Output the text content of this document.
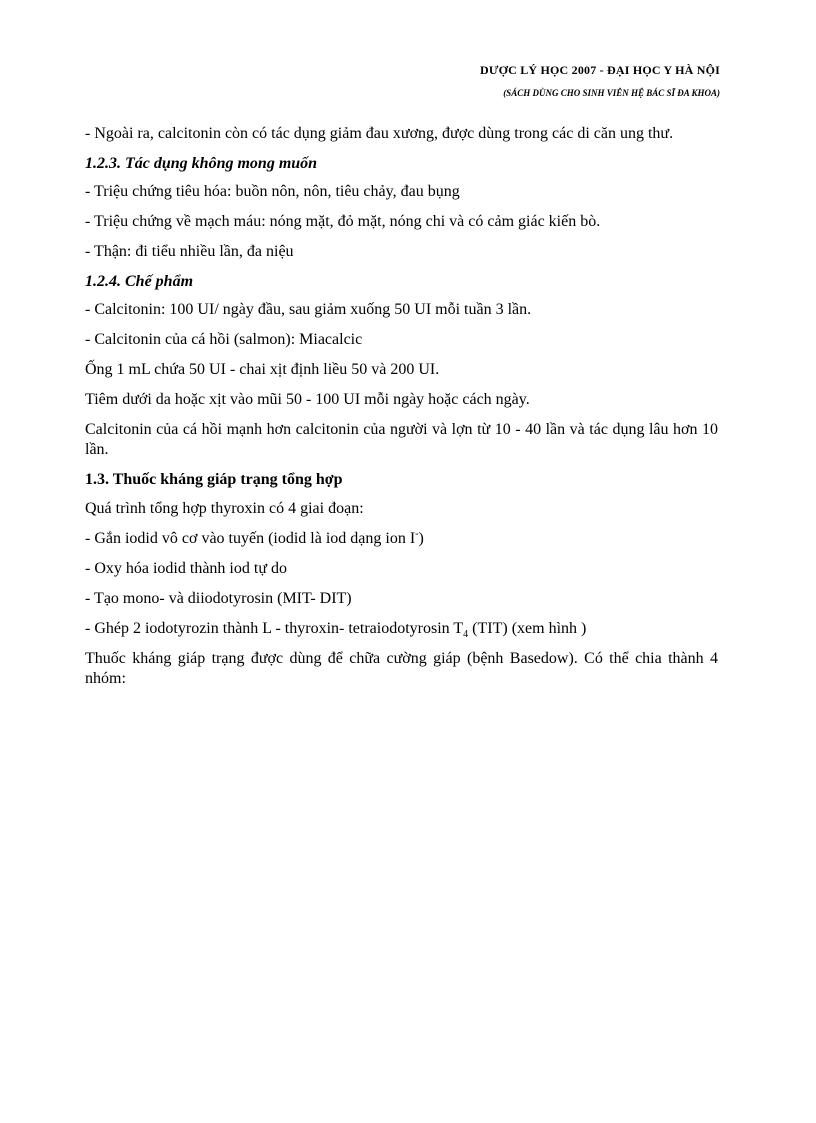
DƯỢC LÝ HỌC 2007 - ĐẠI HỌC Y HÀ NỘI
(SÁCH DÙNG CHO SINH VIÊN HỆ BÁC SĨ ĐA KHOA)

- Ngoài ra, calcitonin còn có tác dụng giảm đau xương, được dùng trong các di căn ung thư.

1.2.3. Tác dụng không mong muốn

- Triệu chứng tiêu hóa: buồn nôn, nôn, tiêu chảy, đau bụng

- Triệu chứng về mạch máu: nóng mặt, đỏ mặt, nóng chi và có cảm giác kiến bò.

- Thận: đi tiểu nhiều lần, đa niệu

1.2.4. Chế phẩm

- Calcitonin: 100 UI/ ngày đầu, sau giảm xuống 50 UI mỗi tuần 3 lần.

- Calcitonin của cá hồi (salmon): Miacalcic

Ống 1 mL chứa 50 UI - chai xịt định liều 50 và 200 UI.

Tiêm dưới da hoặc xịt vào mũi 50 - 100 UI mỗi ngày hoặc cách ngày.

Calcitonin của cá hồi mạnh hơn calcitonin của người và lợn từ 10 - 40 lần và tác dụng lâu hơn 10 lần.

1.3. Thuốc kháng giáp trạng tổng hợp

Quá trình tổng hợp thyroxin có 4 giai đoạn:

- Gắn iodid vô cơ vào tuyến (iodid là iod dạng ion I-)

- Oxy hóa iodid thành iod tự do

- Tạo mono- và diiodotyrosin (MIT- DIT)

- Ghép 2 iodotyrozin thành L - thyroxin- tetraiodotyrosin $T_4$ (TIT) (xem hình )

Thuốc kháng giáp trạng được dùng để chữa cường giáp (bệnh Basedow). Có thể chia thành 4 nhóm:
